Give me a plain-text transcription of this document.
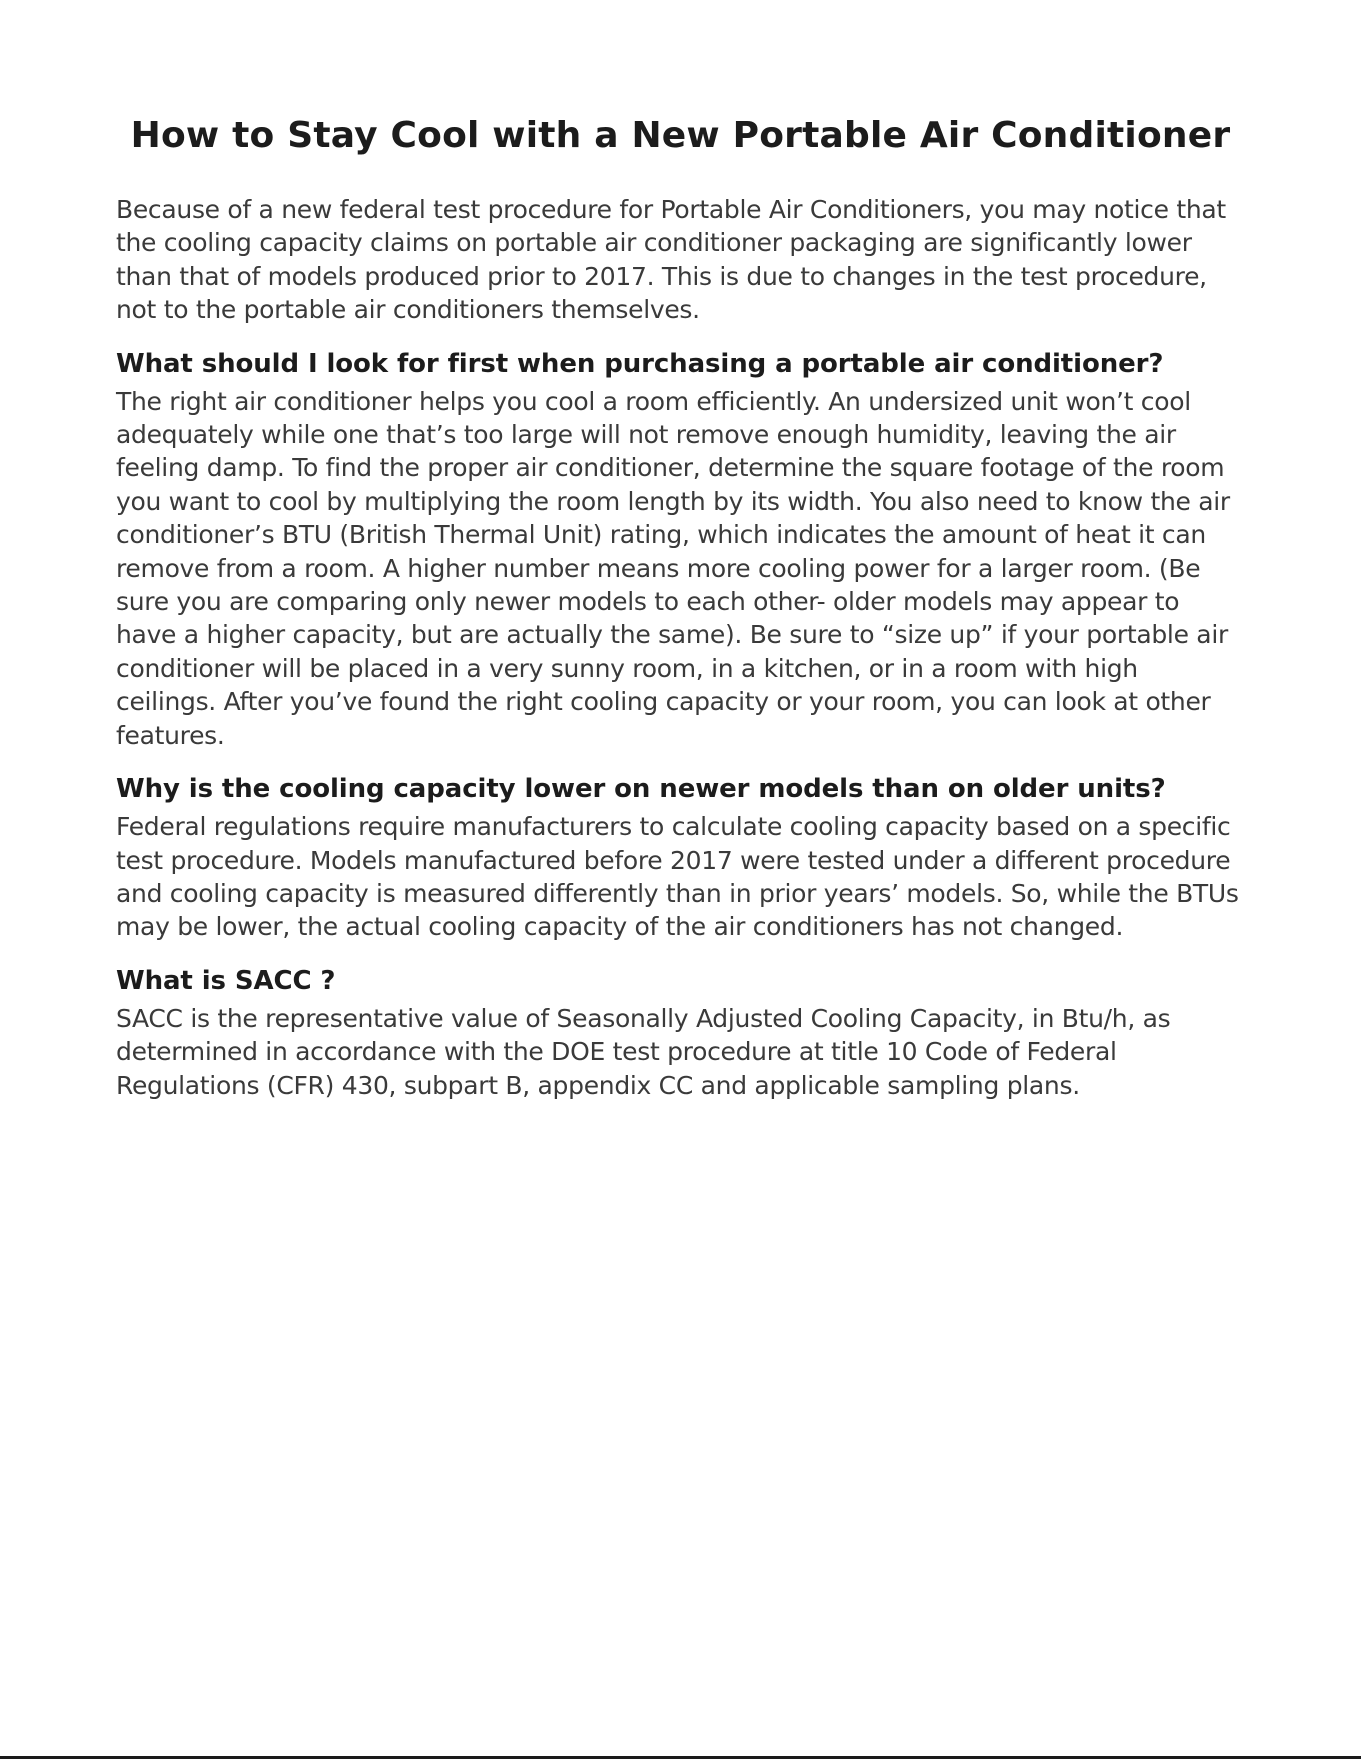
How to Stay Cool with a New Portable Air Conditioner

Because of a new federal test procedure for Portable Air Conditioners, you may notice that the cooling capacity claims on portable air conditioner packaging are significantly lower than that of models produced prior to 2017. This is due to changes in the test procedure, not to the portable air conditioners themselves.

What should I look for first when purchasing a portable air conditioner?

The right air conditioner helps you cool a room efficiently. An undersized unit won’t cool adequately while one that’s too large will not remove enough humidity, leaving the air feeling damp. To find the proper air conditioner, determine the square footage of the room you want to cool by multiplying the room length by its width. You also need to know the air conditioner’s BTU (British Thermal Unit) rating, which indicates the amount of heat it can remove from a room. A higher number means more cooling power for a larger room. (Be sure you are comparing only newer models to each other- older models may appear to have a higher capacity, but are actually the same). Be sure to “size up” if your portable air conditioner will be placed in a very sunny room, in a kitchen, or in a room with high ceilings. After you’ve found the right cooling capacity or your room, you can look at other features.

Why is the cooling capacity lower on newer models than on older units?

Federal regulations require manufacturers to calculate cooling capacity based on a specific test procedure. Models manufactured before 2017 were tested under a different procedure and cooling capacity is measured differently than in prior years’ models. So, while the BTUs may be lower, the actual cooling capacity of the air conditioners has not changed.

What is SACC ?

SACC is the representative value of Seasonally Adjusted Cooling Capacity, in Btu/h, as determined in accordance with the DOE test procedure at title 10 Code of Federal Regulations (CFR) 430, subpart B, appendix CC and applicable sampling plans.
